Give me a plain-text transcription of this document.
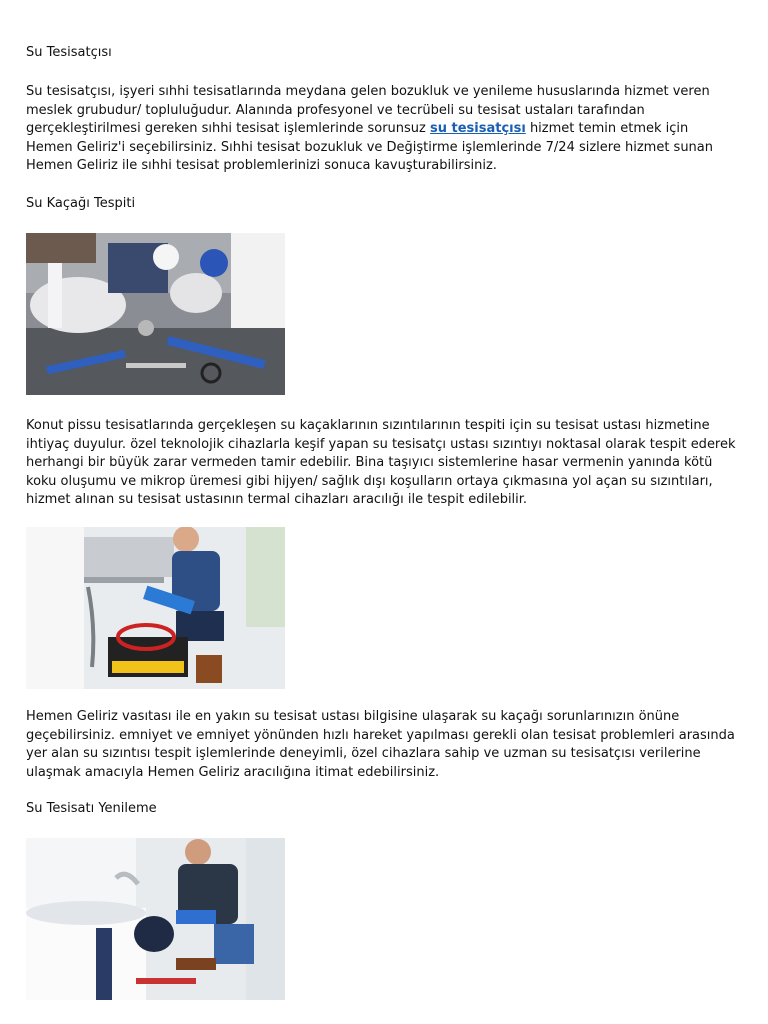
Su Tesisatçısı

Su tesisatçısı, işyeri sıhhi tesisatlarında meydana gelen bozukluk ve yenileme hususlarında hizmet veren meslek grubudur/ topluluğudur. Alanında profesyonel ve tecrübeli su tesisat ustaları tarafından gerçekleştirilmesi gereken sıhhi tesisat işlemlerinde sorunsuz su tesisatçısı hizmet temin etmek için Hemen Geliriz'i seçebilirsiniz. Sıhhi tesisat bozukluk ve Değiştirme işlemlerinde 7/24 sizlere hizmet sunan Hemen Geliriz ile sıhhi tesisat problemlerinizi sonuca kavuşturabilirsiniz.

Su Kaçağı Tespiti

Konut pissu tesisatlarında gerçekleşen su kaçaklarının sızıntılarının tespiti için su tesisat ustası hizmetine ihtiyaç duyulur. özel teknolojik cihazlarla keşif yapan su tesisatçı ustası sızıntıyı noktasal olarak tespit ederek herhangi bir büyük zarar vermeden tamir edebilir. Bina taşıyıcı sistemlerine hasar vermenin yanında kötü koku oluşumu ve mikrop üremesi gibi hijyen/ sağlık dışı koşulların ortaya çıkmasına yol açan su sızıntıları, hizmet alınan su tesisat ustasının termal cihazları aracılığı ile tespit edilebilir.

Hemen Geliriz vasıtası ile en yakın su tesisat ustası bilgisine ulaşarak su kaçağı sorunlarınızın önüne geçebilirsiniz. emniyet ve emniyet yönünden hızlı hareket yapılması gerekli olan tesisat problemleri arasında yer alan su sızıntısı tespit işlemlerinde deneyimli, özel cihazlara sahip ve uzman su tesisatçısı verilerine ulaşmak amacıyla Hemen Geliriz aracılığına itimat edebilirsiniz.

Su Tesisatı Yenileme
